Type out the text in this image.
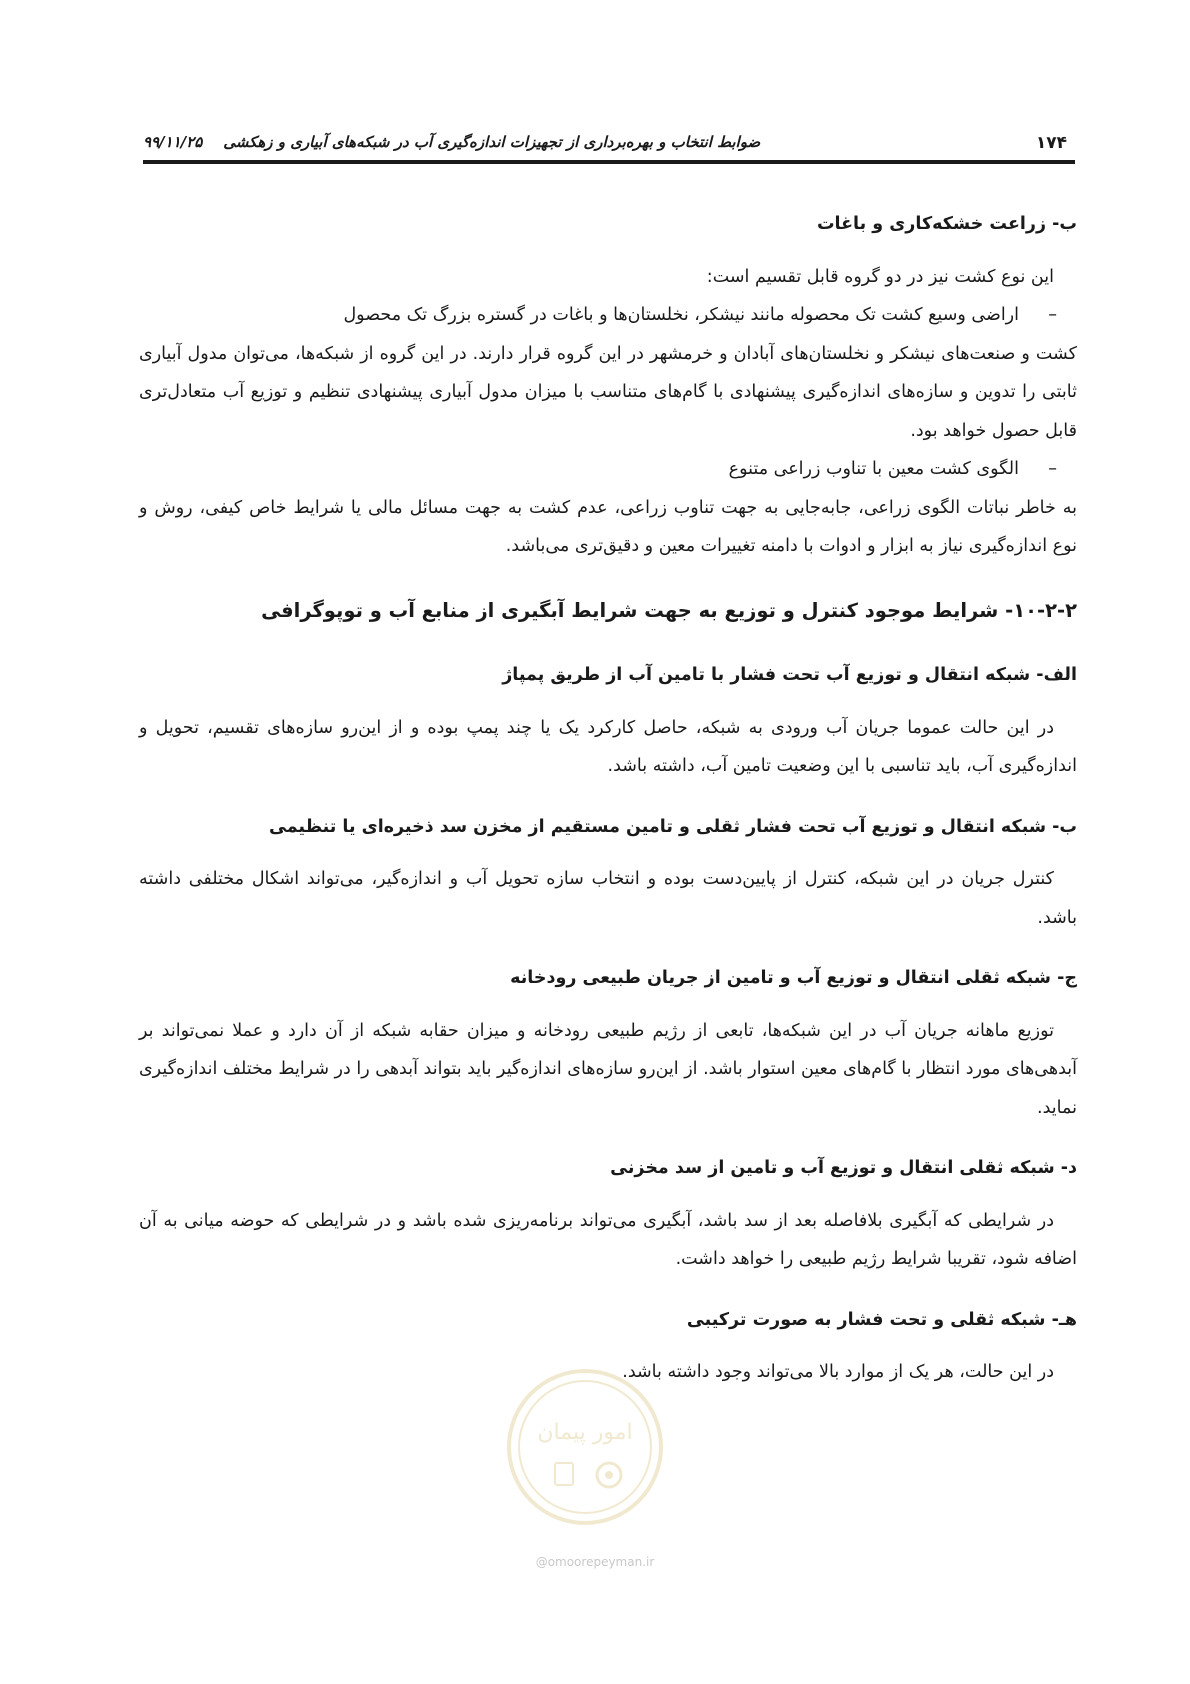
۱۷۴
ضوابط انتخاب و بهره‌برداری از تجهیزات اندازه‌گیری آب در شبکه‌های آبیاری و زهکشی    ۹۹/۱۱/۲۵

ب- زراعت خشکه‌کاری و باغات

این نوع کشت نیز در دو گروه قابل تقسیم است:

–
اراضی وسیع کشت تک محصوله مانند نیشکر، نخلستان‌ها و باغات در گستره بزرگ تک محصول

کشت و صنعت‌های نیشکر و نخلستان‌های آبادان و خرمشهر در این گروه قرار دارند. در این گروه از شبکه‌ها، می‌توان مدول آبیاری ثابتی را تدوین و سازه‌های اندازه‌گیری پیشنهادی با گام‌های متناسب با میزان مدول آبیاری پیشنهادی تنظیم و توزیع آب متعادل‌تری قابل حصول خواهد بود.

–
الگوی کشت معین با تناوب زراعی متنوع

به خاطر نباتات الگوی زراعی، جابه‌جایی به جهت تناوب زراعی، عدم کشت به جهت مسائل مالی یا شرایط خاص کیفی، روش و نوع اندازه‌گیری نیاز به ابزار و ادوات با دامنه تغییرات معین و دقیق‌تری می‌باشد.

۱۰-۲-۲- شرایط موجود کنترل و توزیع به جهت شرایط آبگیری از منابع آب و توپوگرافی

الف- شبکه انتقال و توزیع آب تحت فشار با تامین آب از طریق پمپاژ

در این حالت عموما جریان آب ورودی به شبکه، حاصل کارکرد یک یا چند پمپ بوده و از این‌رو سازه‌های تقسیم، تحویل و اندازه‌گیری آب، باید تناسبی با این وضعیت تامین آب، داشته باشد.

ب- شبکه انتقال و توزیع آب تحت فشار ثقلی و تامین مستقیم از مخزن سد ذخیره‌ای یا تنظیمی

کنترل جریان در این شبکه، کنترل از پایین‌دست بوده و انتخاب سازه تحویل آب و اندازه‌گیر، می‌تواند اشکال مختلفی داشته باشد.

ج- شبکه ثقلی انتقال و توزیع آب و تامین از جریان طبیعی رودخانه

توزیع ماهانه جریان آب در این شبکه‌ها، تابعی از رژیم طبیعی رودخانه و میزان حقابه شبکه از آن دارد و عملا نمی‌تواند بر آبدهی‌های مورد انتظار با گام‌های معین استوار باشد. از این‌رو سازه‌های اندازه‌گیر باید بتواند آبدهی را در شرایط مختلف اندازه‌گیری نماید.

د- شبکه ثقلی انتقال و توزیع آب و تامین از سد مخزنی

در شرایطی که آبگیری بلافاصله بعد از سد باشد، آبگیری می‌تواند برنامه‌ریزی شده باشد و در شرایطی که حوضه میانی به آن اضافه شود، تقریبا شرایط رژیم طبیعی را خواهد داشت.

هـ- شبکه ثقلی و تحت فشار به صورت ترکیبی

در این حالت، هر یک از موارد بالا می‌تواند وجود داشته باشد.

امور پیمان
@omoorepeyman.ir
